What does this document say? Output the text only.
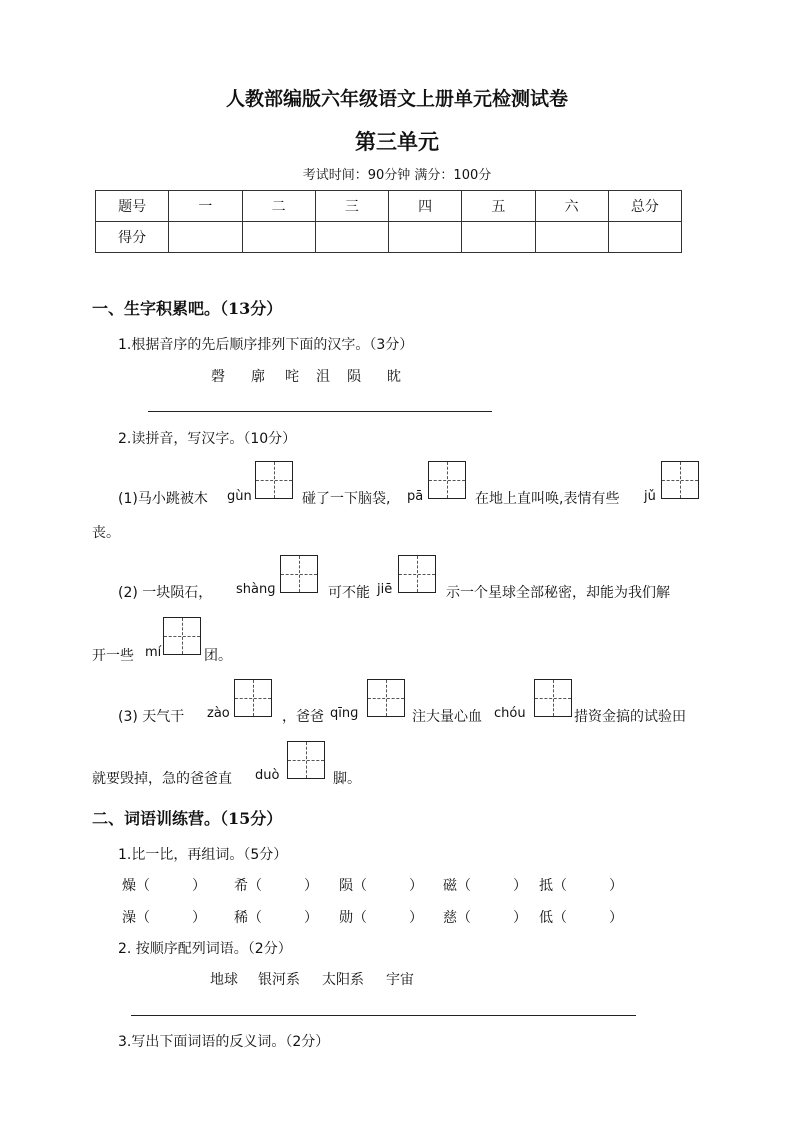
人教部编版六年级语文上册单元检测试卷
第三单元
考试时间：90分钟 满分：100分
题号	一	二	三	四	五	六	总分
得分							
一、生字积累吧。（13分）
1.根据音序的先后顺序排列下面的汉字。（3分）
磬 廓 咤 沮 陨 眈
2.读拼音，写汉字。（10分）
(1)马小跳被木 gùn	碰了一下脑袋, pā	在地上直叫唤,表情有些 jǔ
丧。
(2) 一块陨石， shànɡ	可不能 jiē	示一个星球全部秘密，却能为我们解
开一些 mí	团。
(3) 天气干 zào	，爸爸 qīnɡ	注大量心血 chóu	措资金搞的试验田
就要毁掉，急的爸爸直 duò	脚。
二、词语训练营。（15分）
1.比一比，再组词。（5分）
燥（　　　） 希（　　　） 陨（　　　） 磁（　　　） 抵（　　　）
澡（　　　） 稀（　　　） 勋（　　　） 慈（　　　） 低（　　　）
2. 按顺序配列词语。（2分）
地球 银河系 太阳系 宇宙
3.写出下面词语的反义词。（2分）
